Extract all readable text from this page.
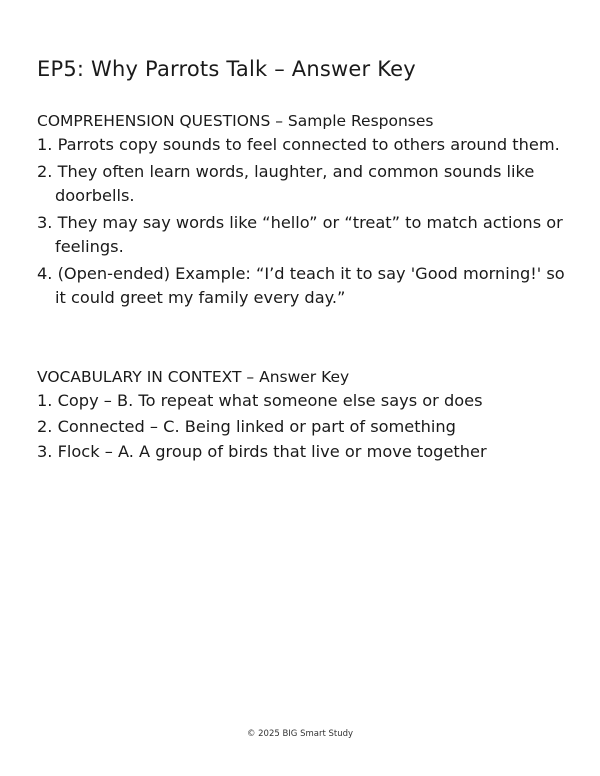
EP5: Why Parrots Talk – Answer Key
COMPREHENSION QUESTIONS – Sample Responses
1. Parrots copy sounds to feel connected to others around them.
2. They often learn words, laughter, and common sounds like doorbells.
3. They may say words like “hello” or “treat” to match actions or feelings.
4. (Open-ended) Example: “I’d teach it to say 'Good morning!' so it could greet my family every day.”
VOCABULARY IN CONTEXT – Answer Key
1. Copy – B. To repeat what someone else says or does
2. Connected – C. Being linked or part of something
3. Flock – A. A group of birds that live or move together
© 2025 BIG Smart Study
